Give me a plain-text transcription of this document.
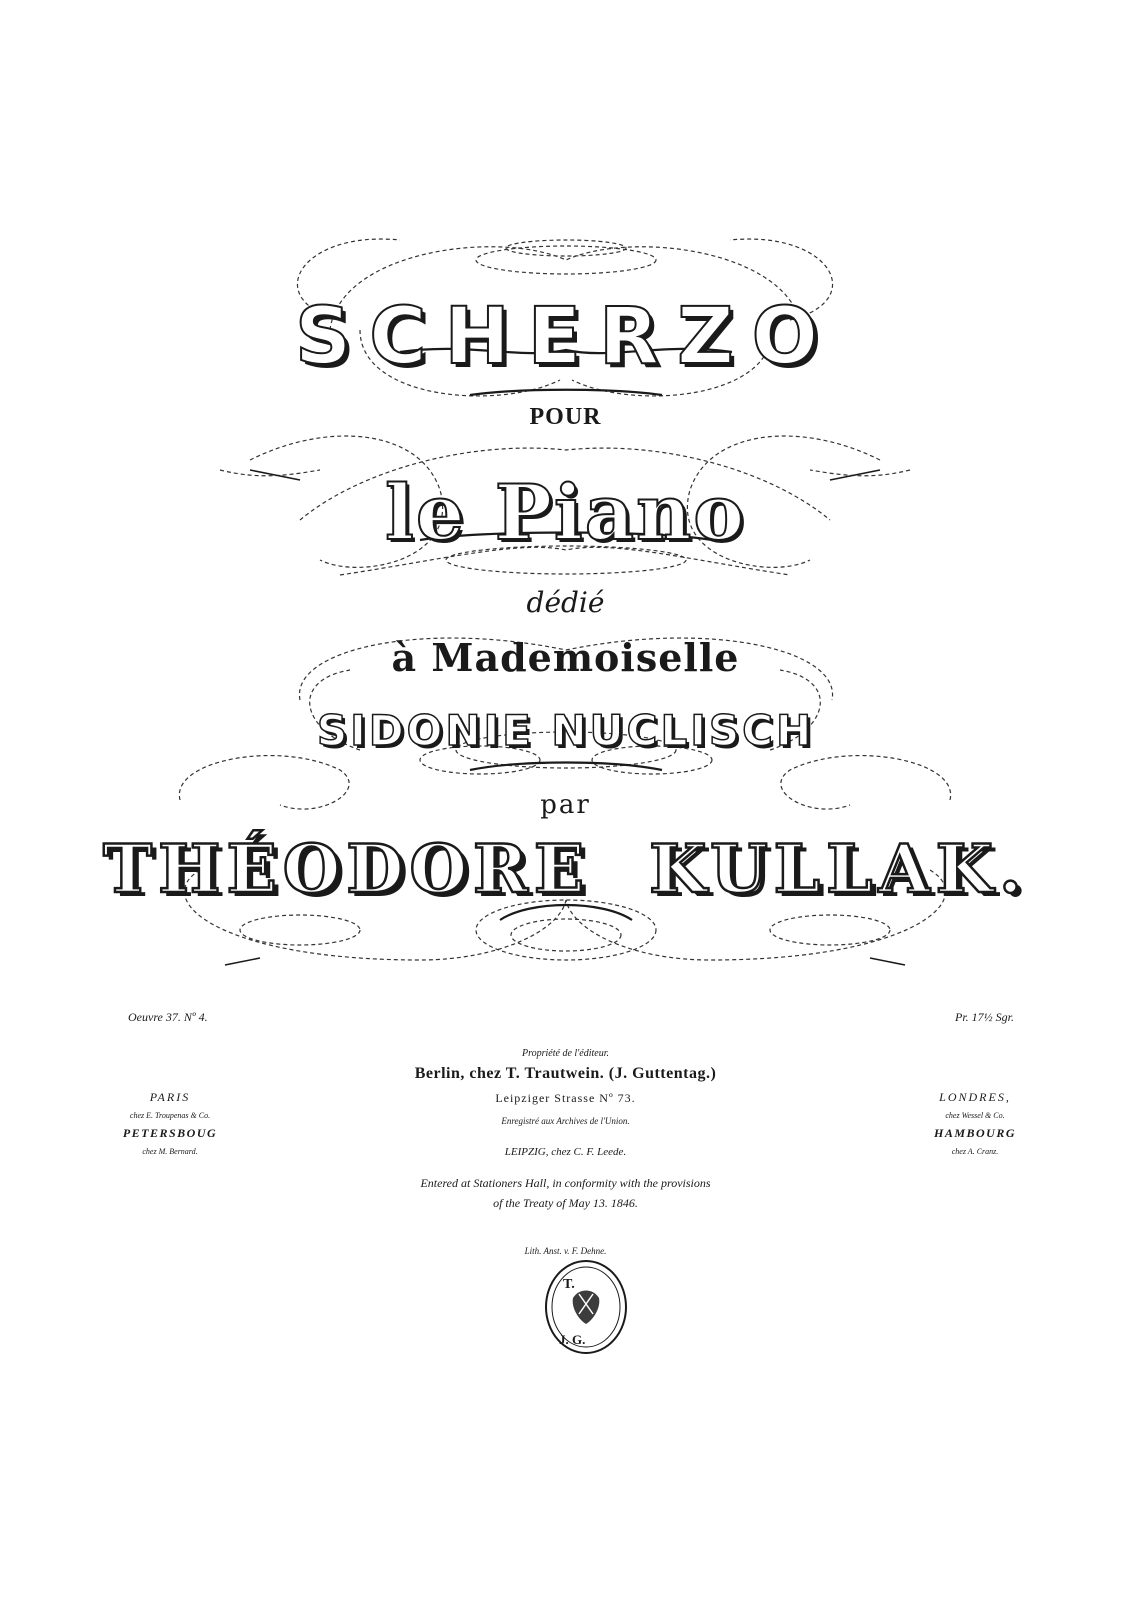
SCHERZO
POUR
le Piano
dédié
à Mademoiselle
SIDONIE NUCLISCH
par
THÉODORE KULLAK.
Oeuvre 37. Nº 4.	Pr. 17½ Sgr.
Propriété de l'éditeur.
Berlin, chez T. Trautwein. (J. Guttentag.)
Leipziger Strasse Nº 73.
Enregistré aux Archives de l'Union.
LEIPZIG, chez C. F. Leede.
Entered at Stationers Hall, in conformity with the provisions
of the Treaty of May 13. 1846.
PARIS
chez E. Troupenas & Co.
PETERSBOUG
chez M. Bernard.
LONDRES,
chez Wessel & Co.
HAMBOURG
chez A. Cranz.
Lith. Anst. v. F. Dehne.
T.
J. G.
